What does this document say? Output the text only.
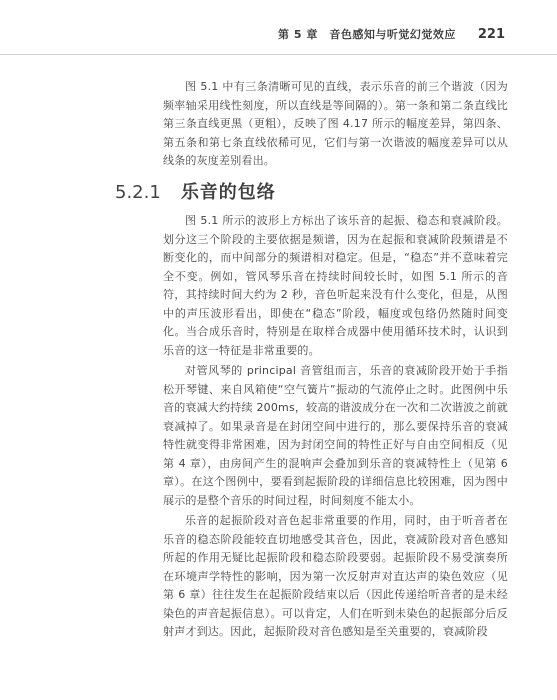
第 5 章　音色感知与听觉幻觉效应 221

图 5.1 中有三条清晰可见的直线，表示乐音的前三个谐波（因为频率轴采用线性刻度，所以直线是等间隔的）。第一条和第二条直线比第三条直线更黑（更粗），反映了图 4.17 所示的幅度差异，第四条、第五条和第七条直线依稀可见，它们与第一次谐波的幅度差异可以从线条的灰度差别看出。

5.2.1 乐音的包络

图 5.1 所示的波形上方标出了该乐音的起振、稳态和衰减阶段。划分这三个阶段的主要依据是频谱，因为在起振和衰减阶段频谱是不断变化的，而中间部分的频谱相对稳定。但是，“稳态”并不意味着完全不变。例如，管风琴乐音在持续时间较长时，如图 5.1 所示的音符，其持续时间大约为 2 秒，音色听起来没有什么变化，但是，从图中的声压波形看出，即使在“稳态”阶段，幅度或包络仍然随时间变化。当合成乐音时，特别是在取样合成器中使用循环技术时，认识到乐音的这一特征是非常重要的。

对管风琴的 principal 音管组而言，乐音的衰减阶段开始于手指松开琴键、来自风箱使“空气簧片”振动的气流停止之时。此图例中乐音的衰减大约持续 200ms，较高的谐波成分在一次和二次谐波之前就衰减掉了。如果录音是在封闭空间中进行的，那么要保持乐音的衰减特性就变得非常困难，因为封闭空间的特性正好与自由空间相反（见第 4 章），由房间产生的混响声会叠加到乐音的衰减特性上（见第 6 章）。在这个图例中，要看到起振阶段的详细信息比较困难，因为图中展示的是整个音乐的时间过程，时间刻度不能太小。

乐音的起振阶段对音色起非常重要的作用，同时，由于听音者在乐音的稳态阶段能较直切地感受其音色，因此，衰减阶段对音色感知所起的作用无疑比起振阶段和稳态阶段要弱。起振阶段不易受演奏所在环境声学特性的影响，因为第一次反射声对直达声的染色效应（见第 6 章）往往发生在起振阶段结束以后（因此传递给听音者的是未经染色的声音起振信息）。可以肯定，人们在听到未染色的起振部分后反射声才到达。因此，起振阶段对音色感知是至关重要的，衰减阶段
